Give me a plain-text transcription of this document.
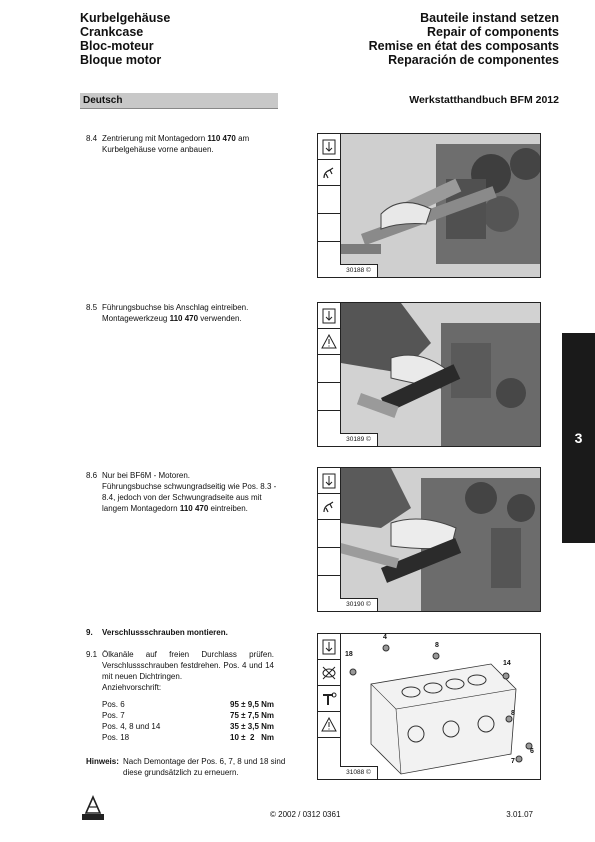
Kurbelgehäuse
Crankcase
Bloc-moteur
Bloque motor
Bauteile instand setzen
Repair of components
Remise en état des composants
Reparación de componentes
Deutsch	Werkstatthandbuch BFM 2012
8.4 Zentrierung mit Montagedorn 110 470 am Kurbelgehäuse vorne anbauen.
8.5 Führungsbuchse bis Anschlag eintreiben.
Montagewerkzeug 110 470 verwenden.
8.6 Nur bei BF6M - Motoren.
Führungsbuchse schwungradseitig wie Pos. 8.3 - 8.4, jedoch von der Schwungradseite aus mit langem Montagedorn 110 470 eintreiben.
9.	Verschlussschrauben montieren.
9.1 Ölkanäle auf freien Durchlass prüfen. Verschlussschrauben festdrehen. Pos. 4 und 14 mit neuen Dichtringen.
Anziehvorschrift:
Pos. 6	95 ± 9,5 Nm
Pos. 7	75 ± 7,5 Nm
Pos. 4, 8 und 14	35 ± 3,5 Nm
Pos. 18	10 ±  2   Nm
Hinweis: Nach Demontage der Pos. 6, 7, 8 und 18 sind diese grundsätzlich zu erneuern.
30188 ©
30189 ©
30190 ©
18
4
8
14
8
7
6
31088 ©
3
© 2002 / 0312 0361	3.01.07
